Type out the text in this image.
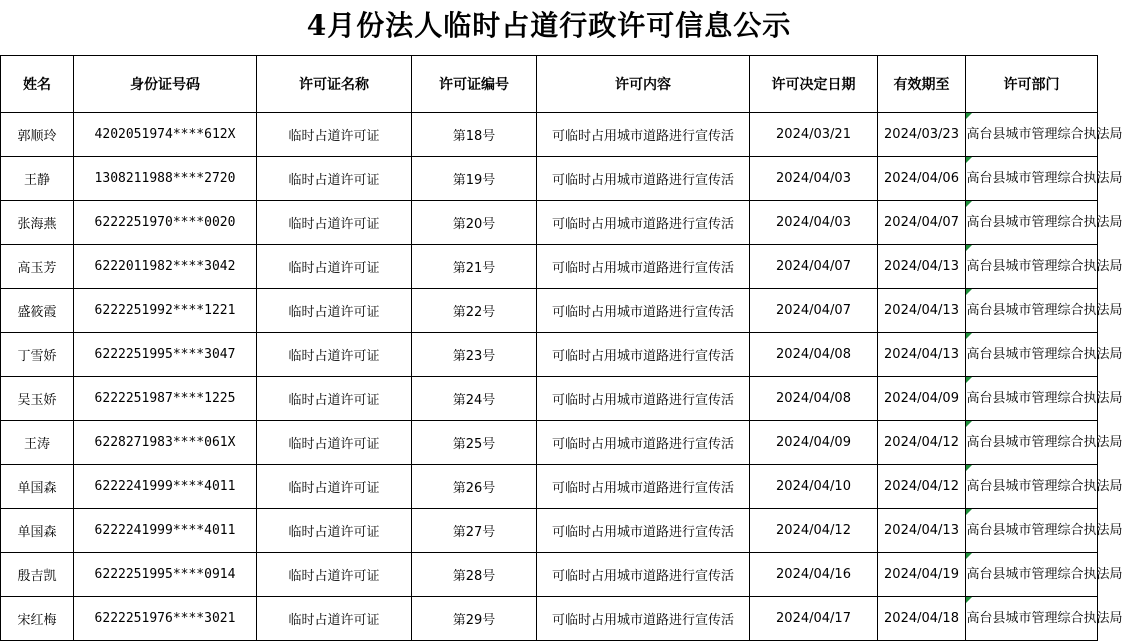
4月份法人临时占道行政许可信息公示
姓名	身份证号码	许可证名称	许可证编号	许可内容	许可决定日期	有效期至	许可部门
郭顺玲	4202051974****612X	临时占道许可证	第18号	可临时占用城市道路进行宣传活	2024/03/21	2024/03/23	高台县城市管理综合执法局

王静	1308211988****2720	临时占道许可证	第19号	可临时占用城市道路进行宣传活	2024/04/03	2024/04/06	高台县城市管理综合执法局

张海燕	6222251970****0020	临时占道许可证	第20号	可临时占用城市道路进行宣传活	2024/04/03	2024/04/07	高台县城市管理综合执法局

高玉芳	6222011982****3042	临时占道许可证	第21号	可临时占用城市道路进行宣传活	2024/04/07	2024/04/13	高台县城市管理综合执法局

盛筱霞	6222251992****1221	临时占道许可证	第22号	可临时占用城市道路进行宣传活	2024/04/07	2024/04/13	高台县城市管理综合执法局

丁雪娇	6222251995****3047	临时占道许可证	第23号	可临时占用城市道路进行宣传活	2024/04/08	2024/04/13	高台县城市管理综合执法局

吴玉娇	6222251987****1225	临时占道许可证	第24号	可临时占用城市道路进行宣传活	2024/04/08	2024/04/09	高台县城市管理综合执法局

王涛	6228271983****061X	临时占道许可证	第25号	可临时占用城市道路进行宣传活	2024/04/09	2024/04/12	高台县城市管理综合执法局

单国森	6222241999****4011	临时占道许可证	第26号	可临时占用城市道路进行宣传活	2024/04/10	2024/04/12	高台县城市管理综合执法局

单国森	6222241999****4011	临时占道许可证	第27号	可临时占用城市道路进行宣传活	2024/04/12	2024/04/13	高台县城市管理综合执法局

殷吉凯	6222251995****0914	临时占道许可证	第28号	可临时占用城市道路进行宣传活	2024/04/16	2024/04/19	高台县城市管理综合执法局

宋红梅	6222251976****3021	临时占道许可证	第29号	可临时占用城市道路进行宣传活	2024/04/17	2024/04/18	高台县城市管理综合执法局
